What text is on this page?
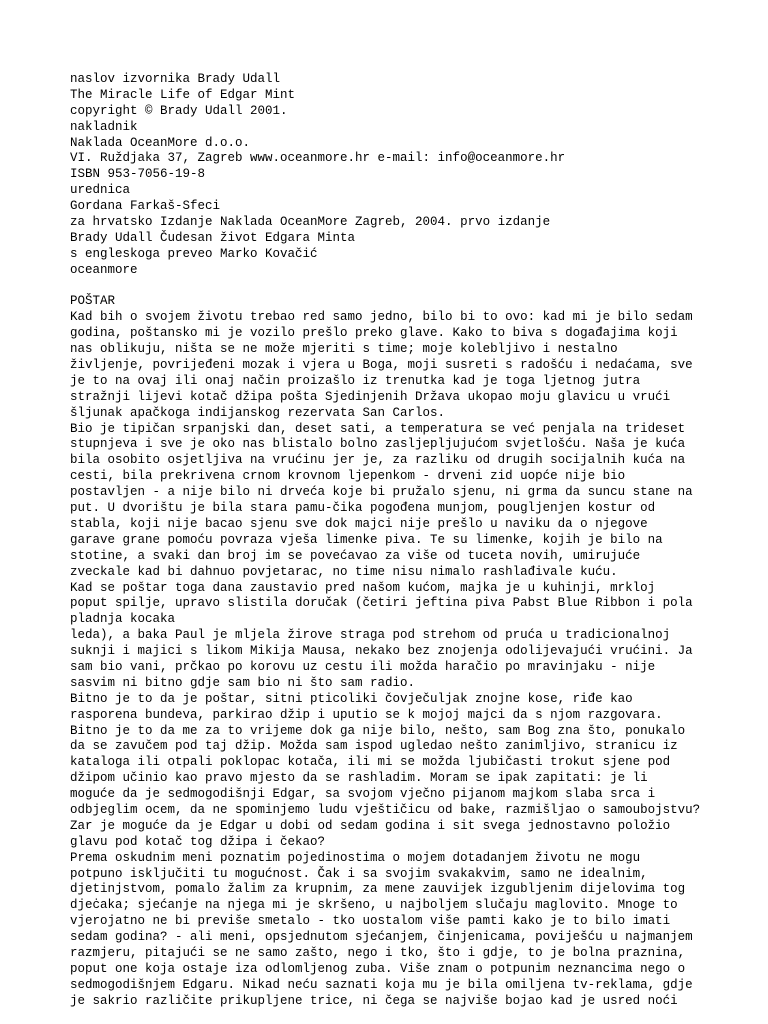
naslov izvornika Brady Udall
The Miracle Life of Edgar Mint
copyright © Brady Udall 2001.
nakladnik
Naklada OceanMore d.o.o.
VI. Ruždjaka 37, Zagreb www.oceanmore.hr e-mail: info@oceanmore.hr
ISBN 953-7056-19-8
urednica
Gordana Farkaš-Sfeci
za hrvatsko Izdanje Naklada OceanMore Zagreb, 2004. prvo izdanje
Brady Udall Čudesan život Edgara Minta
s engleskoga preveo Marko Kovačić
oceanmore
POŠTAR
Kad bih o svojem životu trebao red samo jedno, bilo bi to ovo: kad mi je bilo sedam
godina, poštansko mi je vozilo prešlo preko glave. Kako to biva s događajima koji
nas oblikuju, ništa se ne može mjeriti s time; moje kolebljivo i nestalno
življenje, povrijeđeni mozak i vjera u Boga, moji susreti s radošću i nedaćama, sve
je to na ovaj ili onaj način proizašlo iz trenutka kad je toga ljetnog jutra
stražnji lijevi kotač džipa pošta Sjedinjenih Država ukopao moju glavicu u vrući
šljunak apačkoga indijanskog rezervata San Carlos.
Bio je tipičan srpanjski dan, deset sati, a temperatura se već penjala na trideset
stupnjeva i sve je oko nas blistalo bolno zasljepljujućom svjetlošću. Naša je kuća
bila osobito osjetljiva na vrućinu jer je, za razliku od drugih socijalnih kuća na
cesti, bila prekrivena crnom krovnom ljepenkom - drveni zid uopće nije bio
postavljen - a nije bilo ni drveća koje bi pružalo sjenu, ni grma da suncu stane na
put. U dvorištu je bila stara pamu-čika pogođena munjom, pougljenjen kostur od
stabla, koji nije bacao sjenu sve dok majci nije prešlo u naviku da o njegove
garave grane pomoću povraza vješa limenke piva. Te su limenke, kojih je bilo na
stotine, a svaki dan broj im se povećavao za više od tuceta novih, umirujuće
zveckale kad bi dahnuo povjetarac, no time nisu nimalo rashlađivale kuću.
Kad se poštar toga dana zaustavio pred našom kućom, majka je u kuhinji, mrkloj
poput spilje, upravo slistila doručak (četiri jeftina piva Pabst Blue Ribbon i pola
pladnja kocaka
leda), a baka Paul je mljela žirove straga pod strehom od pruća u tradicionalnoj
suknji i majici s likom Mikija Mausa, nekako bez znojenja odolijevajući vrućini. Ja
sam bio vani, prčkao po korovu uz cestu ili možda haračio po mravinjaku - nije
sasvim ni bitno gdje sam bio ni što sam radio.
Bitno je to da je poštar, sitni pticoliki čovječuljak znojne kose, riđe kao
rasporena bundeva, parkirao džip i uputio se k mojoj majci da s njom razgovara.
Bitno je to da me za to vrijeme dok ga nije bilo, nešto, sam Bog zna što, ponukalo
da se zavučem pod taj džip. Možda sam ispod ugledao nešto zanimljivo, stranicu iz
kataloga ili otpali poklopac kotača, ili mi se možda ljubičasti trokut sjene pod
džipom učinio kao pravo mjesto da se rashladim. Moram se ipak zapitati: je li
moguće da je sedmogodišnji Edgar, sa svojom vječno pijanom majkom slaba srca i
odbjeglim ocem, da ne spominjemo ludu vještičicu od bake, razmišljao o samoubojstvu?
Zar je moguće da je Edgar u dobi od sedam godina i sit svega jednostavno položio
glavu pod kotač tog džipa i čekao?
Prema oskudnim meni poznatim pojedinostima o mojem dotadanjem životu ne mogu
potpuno isključiti tu mogućnost. Čak i sa svojim svakakvim, samo ne idealnim,
djetinjstvom, pomalo žalim za krupnim, za mene zauvijek izgubljenim dijelovima tog
djeċaka; sjećanje na njega mi je skršeno, u najboljem slučaju maglovito. Mnoge to
vjerojatno ne bi previše smetalo - tko uostalom više pamti kako je to bilo imati
sedam godina? - ali meni, opsjednutom sjećanjem, činjenicama, poviješću u najmanjem
razmjeru, pitajući se ne samo zašto, nego i tko, što i gdje, to je bolna praznina,
poput one koja ostaje iza odlomljenog zuba. Više znam o potpunim neznancima nego o
sedmogodišnjem Edgaru. Nikad neću saznati koja mu je bila omiljena tv-reklama, gdje
je sakrio različite prikupljene trice, ni čega se najviše bojao kad je usred noći
